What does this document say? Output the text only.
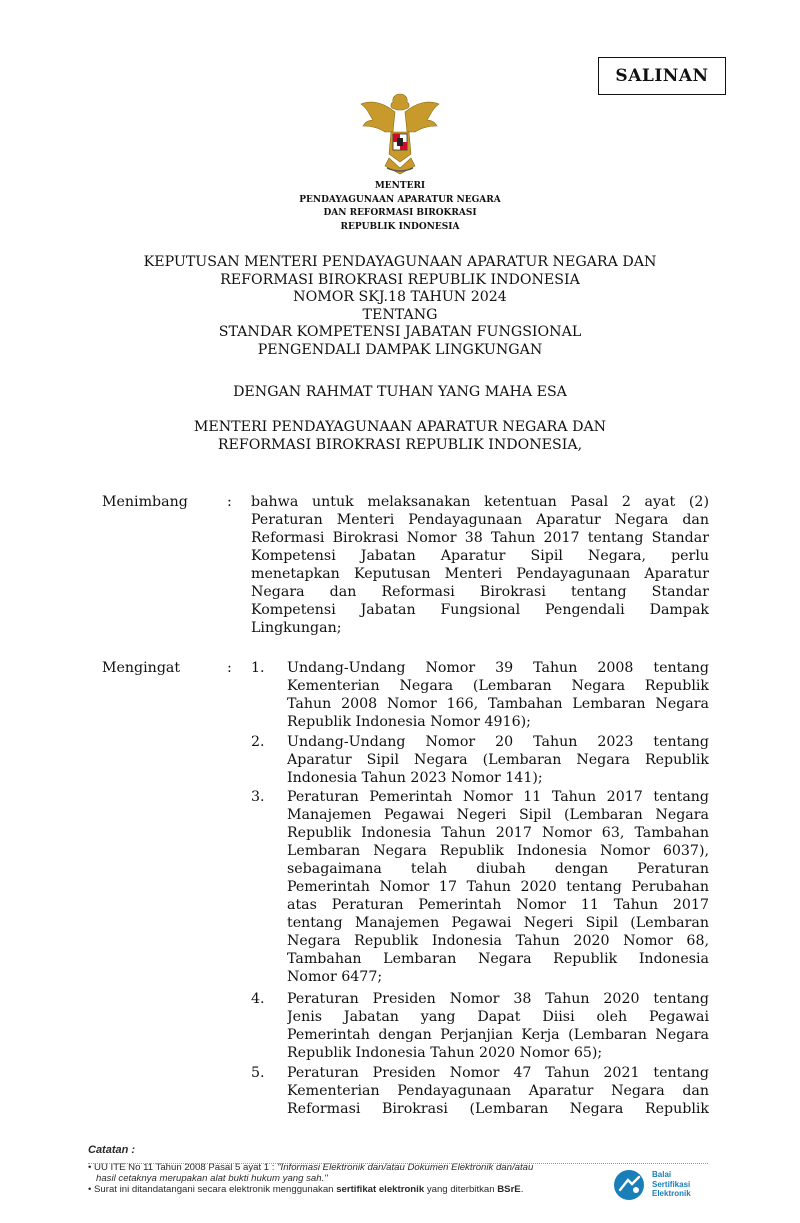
SALINAN
MENTERI
PENDAYAGUNAAN APARATUR NEGARA
DAN REFORMASI BIROKRASI
REPUBLIK INDONESIA
KEPUTUSAN MENTERI PENDAYAGUNAAN APARATUR NEGARA DAN
REFORMASI BIROKRASI REPUBLIK INDONESIA
NOMOR SKJ.18 TAHUN 2024
TENTANG
STANDAR KOMPETENSI JABATAN FUNGSIONAL
PENGENDALI DAMPAK LINGKUNGAN
DENGAN RAHMAT TUHAN YANG MAHA ESA
MENTERI PENDAYAGUNAAN APARATUR NEGARA DAN
REFORMASI BIROKRASI REPUBLIK INDONESIA,
Menimbang	: bahwa untuk melaksanakan ketentuan Pasal 2 ayat (2)
Peraturan Menteri Pendayagunaan Aparatur Negara dan
Reformasi Birokrasi Nomor 38 Tahun 2017 tentang Standar
Kompetensi Jabatan Aparatur Sipil Negara, perlu
menetapkan Keputusan Menteri Pendayagunaan Aparatur
Negara dan Reformasi Birokrasi tentang Standar
Kompetensi Jabatan Fungsional Pengendali Dampak
Lingkungan;
Mengingat	: 1. Undang-Undang Nomor 39 Tahun 2008 tentang
Kementerian Negara (Lembaran Negara Republik
Tahun 2008 Nomor 166, Tambahan Lembaran Negara
Republik Indonesia Nomor 4916);
2. Undang-Undang Nomor 20 Tahun 2023 tentang
Aparatur Sipil Negara (Lembaran Negara Republik
Indonesia Tahun 2023 Nomor 141);
3. Peraturan Pemerintah Nomor 11 Tahun 2017 tentang
Manajemen Pegawai Negeri Sipil (Lembaran Negara
Republik Indonesia Tahun 2017 Nomor 63, Tambahan
Lembaran Negara Republik Indonesia Nomor 6037),
sebagaimana telah diubah dengan Peraturan
Pemerintah Nomor 17 Tahun 2020 tentang Perubahan
atas Peraturan Pemerintah Nomor 11 Tahun 2017
tentang Manajemen Pegawai Negeri Sipil (Lembaran
Negara Republik Indonesia Tahun 2020 Nomor 68,
Tambahan Lembaran Negara Republik Indonesia
Nomor 6477;
4. Peraturan Presiden Nomor 38 Tahun 2020 tentang
Jenis Jabatan yang Dapat Diisi oleh Pegawai
Pemerintah dengan Perjanjian Kerja (Lembaran Negara
Republik Indonesia Tahun 2020 Nomor 65);
5. Peraturan Presiden Nomor 47 Tahun 2021 tentang
Kementerian Pendayagunaan Aparatur Negara dan
Reformasi Birokrasi (Lembaran Negara Republik
Catatan :
• UU ITE No 11 Tahun 2008 Pasal 5 ayat 1 : "Informasi Elektronik dan/atau Dokumen Elektronik dan/atau
hasil cetaknya merupakan alat bukti hukum yang sah."
• Surat ini ditandatangani secara elektronik menggunakan sertifikat elektronik yang diterbitkan BSrE.
Balai
Sertifikasi
Elektronik
